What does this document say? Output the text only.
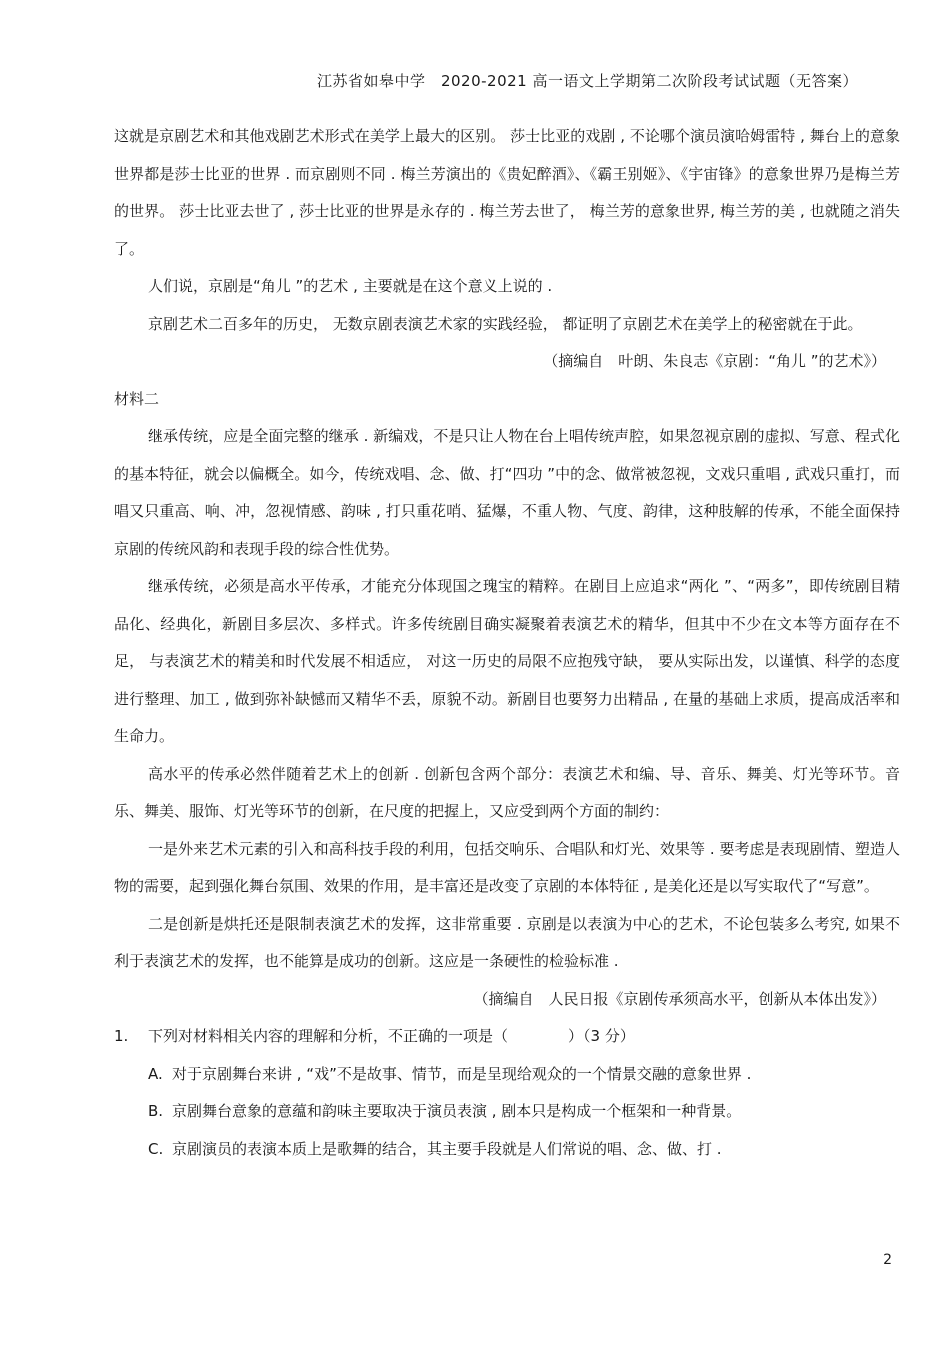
江苏省如皋中学　2020-2021 高一语文上学期第二次阶段考试试题（无答案）

这就是京剧艺术和其他戏剧艺术形式在美学上最大的区别。 莎士比亚的戏剧 , 不论哪个演员演哈姆雷特 , 舞台上的意象世界都是莎士比亚的世界 . 而京剧则不同 . 梅兰芳演出的《贵妃醉酒》、《霸王别姬》、《宇宙锋》的意象世界乃是梅兰芳的世界。 莎士比亚去世了 , 莎士比亚的世界是永存的 . 梅兰芳去世了， 梅兰芳的意象世界, 梅兰芳的美 , 也就随之消失了。

人们说，京剧是“角儿 ”的艺术 , 主要就是在这个意义上说的 .

京剧艺术二百多年的历史， 无数京剧表演艺术家的实践经验， 都证明了京剧艺术在美学上的秘密就在于此。

（摘编自　叶朗、朱良志《京剧：“角儿 ”的艺术》）

材料二

继承传统，应是全面完整的继承 . 新编戏，不是只让人物在台上唱传统声腔，如果忽视京剧的虚拟、写意、程式化的基本特征，就会以偏概全。如今，传统戏唱、念、做、打“四功 ”中的念、做常被忽视，文戏只重唱 , 武戏只重打，而唱又只重高、响、冲，忽视情感、韵味 , 打只重花哨、猛爆，不重人物、气度、韵律，这种肢解的传承，不能全面保持京剧的传统风韵和表现手段的综合性优势。

继承传统，必须是高水平传承，才能充分体现国之瑰宝的精粹。在剧目上应追求“两化 ”、“两多”，即传统剧目精品化、经典化，新剧目多层次、多样式。许多传统剧目确实凝聚着表演艺术的精华，但其中不少在文本等方面存在不足， 与表演艺术的精美和时代发展不相适应， 对这一历史的局限不应抱残守缺， 要从实际出发，以谨慎、科学的态度进行整理、加工 , 做到弥补缺憾而又精华不丢，原貌不动。新剧目也要努力出精品 , 在量的基础上求质，提高成活率和生命力。

高水平的传承必然伴随着艺术上的创新 . 创新包含两个部分：表演艺术和编、导、音乐、舞美、灯光等环节。音乐、舞美、服饰、灯光等环节的创新，在尺度的把握上，又应受到两个方面的制约：

一是外来艺术元素的引入和高科技手段的利用，包括交响乐、合唱队和灯光、效果等 . 要考虑是表现剧情、塑造人物的需要，起到强化舞台氛围、效果的作用，是丰富还是改变了京剧的本体特征 , 是美化还是以写实取代了“写意”。

二是创新是烘托还是限制表演艺术的发挥，这非常重要 . 京剧是以表演为中心的艺术，不论包装多么考究, 如果不利于表演艺术的发挥，也不能算是成功的创新。这应是一条硬性的检验标准 .

（摘编自　人民日报《京剧传承须高水平，创新从本体出发》）

1.	下列对材料相关内容的理解和分析，不正确的一项是（　　　　）（3 分）
A. 对于京剧舞台来讲 , “戏”不是故事、情节，而是呈现给观众的一个情景交融的意象世界 .
B. 京剧舞台意象的意蕴和韵味主要取决于演员表演 , 剧本只是构成一个框架和一种背景。
C. 京剧演员的表演本质上是歌舞的结合，其主要手段就是人们常说的唱、念、做、打 .
2
